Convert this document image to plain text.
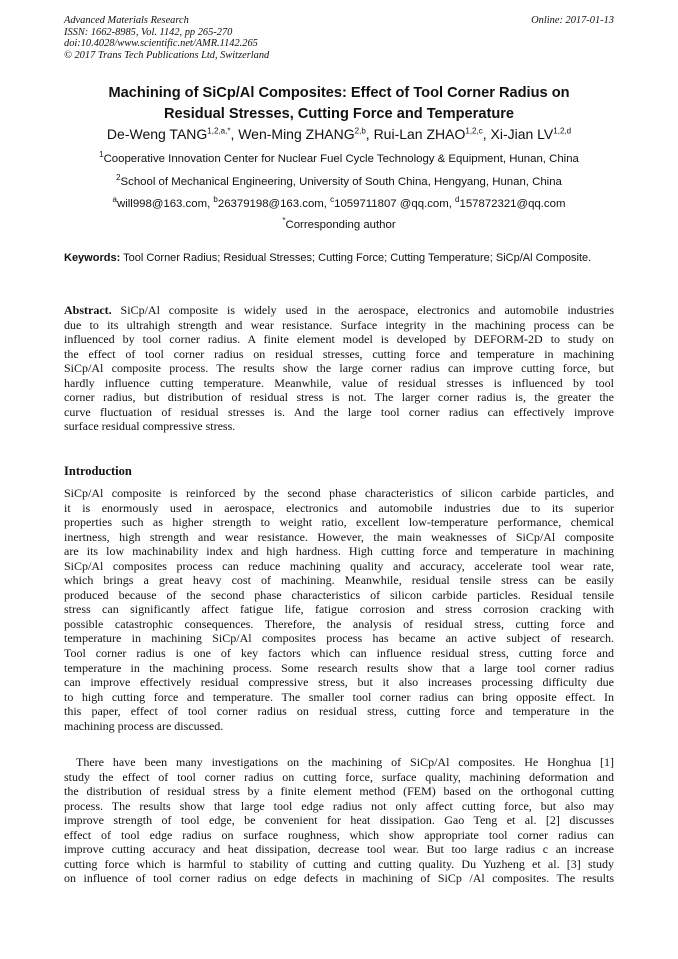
Advanced Materials Research
ISSN: 1662-8985, Vol. 1142, pp 265-270
doi:10.4028/www.scientific.net/AMR.1142.265
© 2017 Trans Tech Publications Ltd, Switzerland
Online: 2017-01-13
Machining of SiCp/Al Composites: Effect of Tool Corner Radius on
Residual Stresses, Cutting Force and Temperature
De-Weng $TANG^{1,2,a,*}$, Wen-Ming ZHANG$^{2,b}$, Rui-Lan ZHAO$^{1,2,c}$, Xi-Jian LV$^{1,2,d}$
$^1$Cooperative Innovation Center for Nuclear Fuel Cycle Technology & Equipment, Hunan, China
$^2$School of Mechanical Engineering, University of South China, Hengyang, Hunan, China
$^a$will998@163.com, $^b$26379198@163.com, $^c$1059711807 @qq.com, $^d$157872321@qq.com
*Corresponding author
Keywords: Tool Corner Radius; Residual Stresses; Cutting Force; Cutting Temperature; SiCp/Al Composite.
Abstract. SiCp/Al composite is widely used in the aerospace, electronics and automobile industries
due to its ultrahigh strength and wear resistance. Surface integrity in the machining process can be
influenced by tool corner radius. A finite element model is developed by DEFORM-2D to study on
the effect of tool corner radius on residual stresses, cutting force and temperature in machining
SiCp/Al composite process. The results show the large corner radius can improve cutting force, but
hardly influence cutting temperature. Meanwhile, value of residual stresses is influenced by tool
corner radius, but distribution of residual stress is not. The larger corner radius is, the greater the
curve fluctuation of residual stresses is. And the large tool corner radius can effectively improve
surface residual compressive stress.
Introduction
SiCp/Al composite is reinforced by the second phase characteristics of silicon carbide particles, and
it is enormously used in aerospace, electronics and automobile industries due to its superior
properties such as higher strength to weight ratio, excellent low-temperature performance, chemical
inertness, high strength and wear resistance. However, the main weaknesses of SiCp/Al composite
are its low machinability index and high hardness. High cutting force and temperature in machining
SiCp/Al composites process can reduce machining quality and accuracy, accelerate tool wear rate,
which brings a great heavy cost of machining. Meanwhile, residual tensile stress can be easily
produced because of the second phase characteristics of silicon carbide particles. Residual tensile
stress can significantly affect fatigue life, fatigue corrosion and stress corrosion cracking with
possible catastrophic consequences. Therefore, the analysis of residual stress, cutting force and
temperature in machining SiCp/Al composites process has became an active subject of research.
Tool corner radius is one of key factors which can influence residual stress, cutting force and
temperature in the machining process. Some research results show that a large tool corner radius
can improve effectively residual compressive stress, but it also increases processing difficulty due
to high cutting force and temperature. The smaller tool corner radius can bring opposite effect. In
this paper, effect of tool corner radius on residual stress, cutting force and temperature in the
machining process are discussed.
There have been many investigations on the machining of SiCp/Al composites. He Honghua [1]
study the effect of tool corner radius on cutting force, surface quality, machining deformation and
the distribution of residual stress by a finite element method (FEM) based on the orthogonal cutting
process. The results show that large tool edge radius not only affect cutting force, but also may
improve strength of tool edge, be convenient for heat dissipation. Gao Teng et al. [2] discusses
effect of tool edge radius on surface roughness, which show appropriate tool corner radius can
improve cutting accuracy and heat dissipation, decrease tool wear. But too large radius c an increase
cutting force which is harmful to stability of cutting and cutting quality. Du Yuzheng et al. [3] study
on influence of tool corner radius on edge defects in machining of SiCp /Al composites. The results
